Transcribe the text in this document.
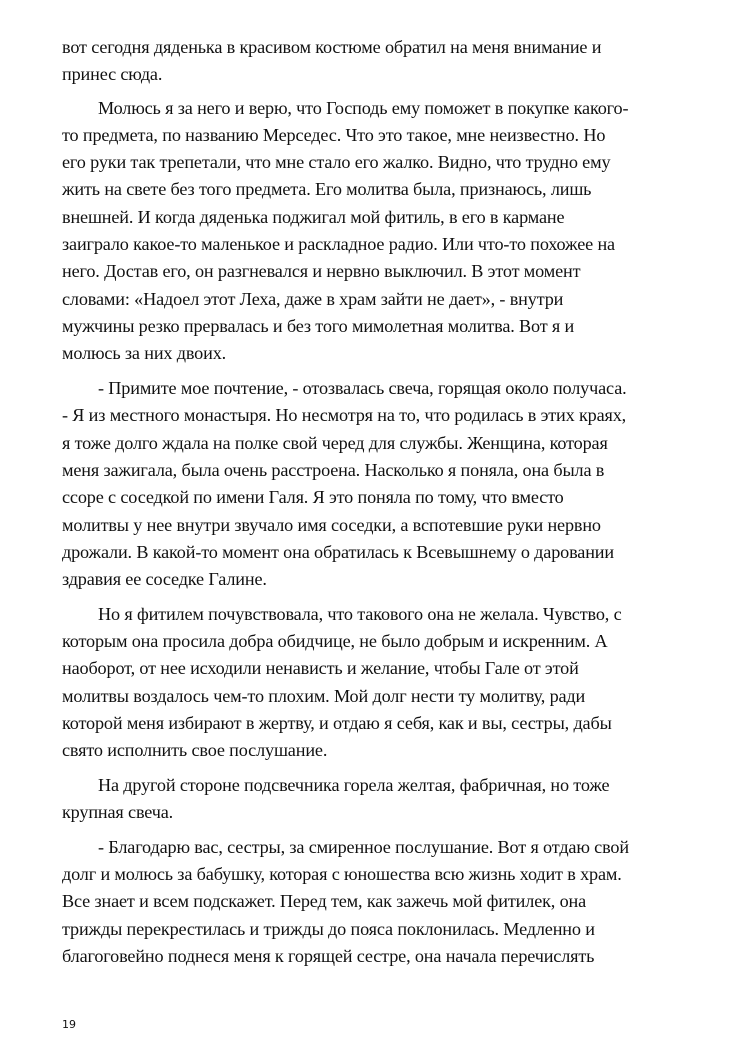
вот сегодня дяденька в красивом костюме обратил на меня внимание и
принес сюда.
Молюсь я за него и верю, что Господь ему поможет в покупке какого-
то предмета, по названию Мерседес. Что это такое, мне неизвестно. Но
его руки так трепетали, что мне стало его жалко. Видно, что трудно ему
жить на свете без того предмета. Его молитва была, признаюсь, лишь
внешней. И когда дяденька поджигал мой фитиль, в его в кармане
заиграло какое-то маленькое и раскладное радио. Или что-то похожее на
него. Достав его, он разгневался и нервно выключил. В этот момент
словами: «Надоел этот Леха, даже в храм зайти не дает», - внутри
мужчины резко прервалась и без того мимолетная молитва. Вот я и
молюсь за них двоих.
- Примите мое почтение, - отозвалась свеча, горящая около получаса.
- Я из местного монастыря. Но несмотря на то, что родилась в этих краях,
я тоже долго ждала на полке свой черед для службы. Женщина, которая
меня зажигала, была очень расстроена. Насколько я поняла, она была в
ссоре с соседкой по имени Галя. Я это поняла по тому, что вместо
молитвы у нее внутри звучало имя соседки, а вспотевшие руки нервно
дрожали. В какой-то момент она обратилась к Всевышнему о даровании
здравия ее соседке Галине.
Но я фитилем почувствовала, что такового она не желала. Чувство, с
которым она просила добра обидчице, не было добрым и искренним. А
наоборот, от нее исходили ненависть и желание, чтобы Гале от этой
молитвы воздалось чем-то плохим. Мой долг нести ту молитву, ради
которой меня избирают в жертву, и отдаю я себя, как и вы, сестры, дабы
свято исполнить свое послушание.
На другой стороне подсвечника горела желтая, фабричная, но тоже
крупная свеча.
- Благодарю вас, сестры, за смиренное послушание. Вот я отдаю свой
долг и молюсь за бабушку, которая с юношества всю жизнь ходит в храм.
Все знает и всем подскажет. Перед тем, как зажечь мой фитилек, она
трижды перекрестилась и трижды до пояса поклонилась. Медленно и
благоговейно поднеся меня к горящей сестре, она начала перечислять
19
